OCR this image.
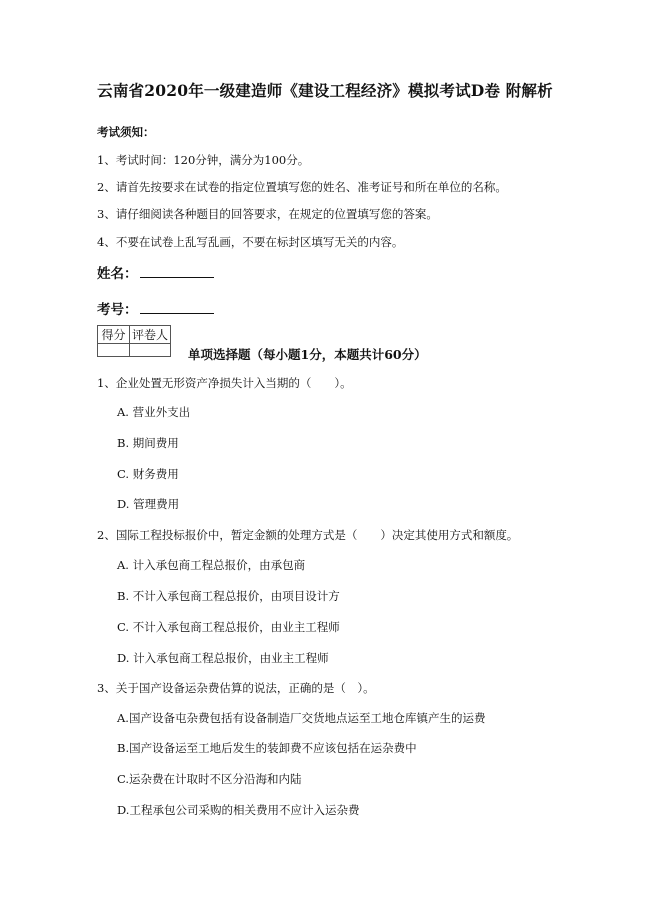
云南省2020年一级建造师《建设工程经济》模拟考试D卷 附解析
考试须知：
1、考试时间：120分钟，满分为100分。
2、请首先按要求在试卷的指定位置填写您的姓名、准考证号和所在单位的名称。
3、请仔细阅读各种题目的回答要求，在规定的位置填写您的答案。
4、不要在试卷上乱写乱画，不要在标封区填写无关的内容。
姓名：
考号：
得分	评卷人

单项选择题（每小题1分，本题共计60分）
1、企业处置无形资产净损失计入当期的（　　）。
A. 营业外支出
B. 期间费用
C. 财务费用
D. 管理费用
2、国际工程投标报价中，暂定金额的处理方式是（　　）决定其使用方式和额度。
A. 计入承包商工程总报价，由承包商
B. 不计入承包商工程总报价，由项目设计方
C. 不计入承包商工程总报价，由业主工程师
D. 计入承包商工程总报价，由业主工程师
3、关于国产设备运杂费估算的说法，正确的是（　）。
A.国产设备屯杂费包括有设备制造厂交货地点运至工地仓库镇产生的运费
B.国产设备运至工地后发生的装卸费不应该包括在运杂费中
C.运杂费在计取时不区分沿海和内陆
D.工程承包公司采购的相关费用不应计入运杂费
